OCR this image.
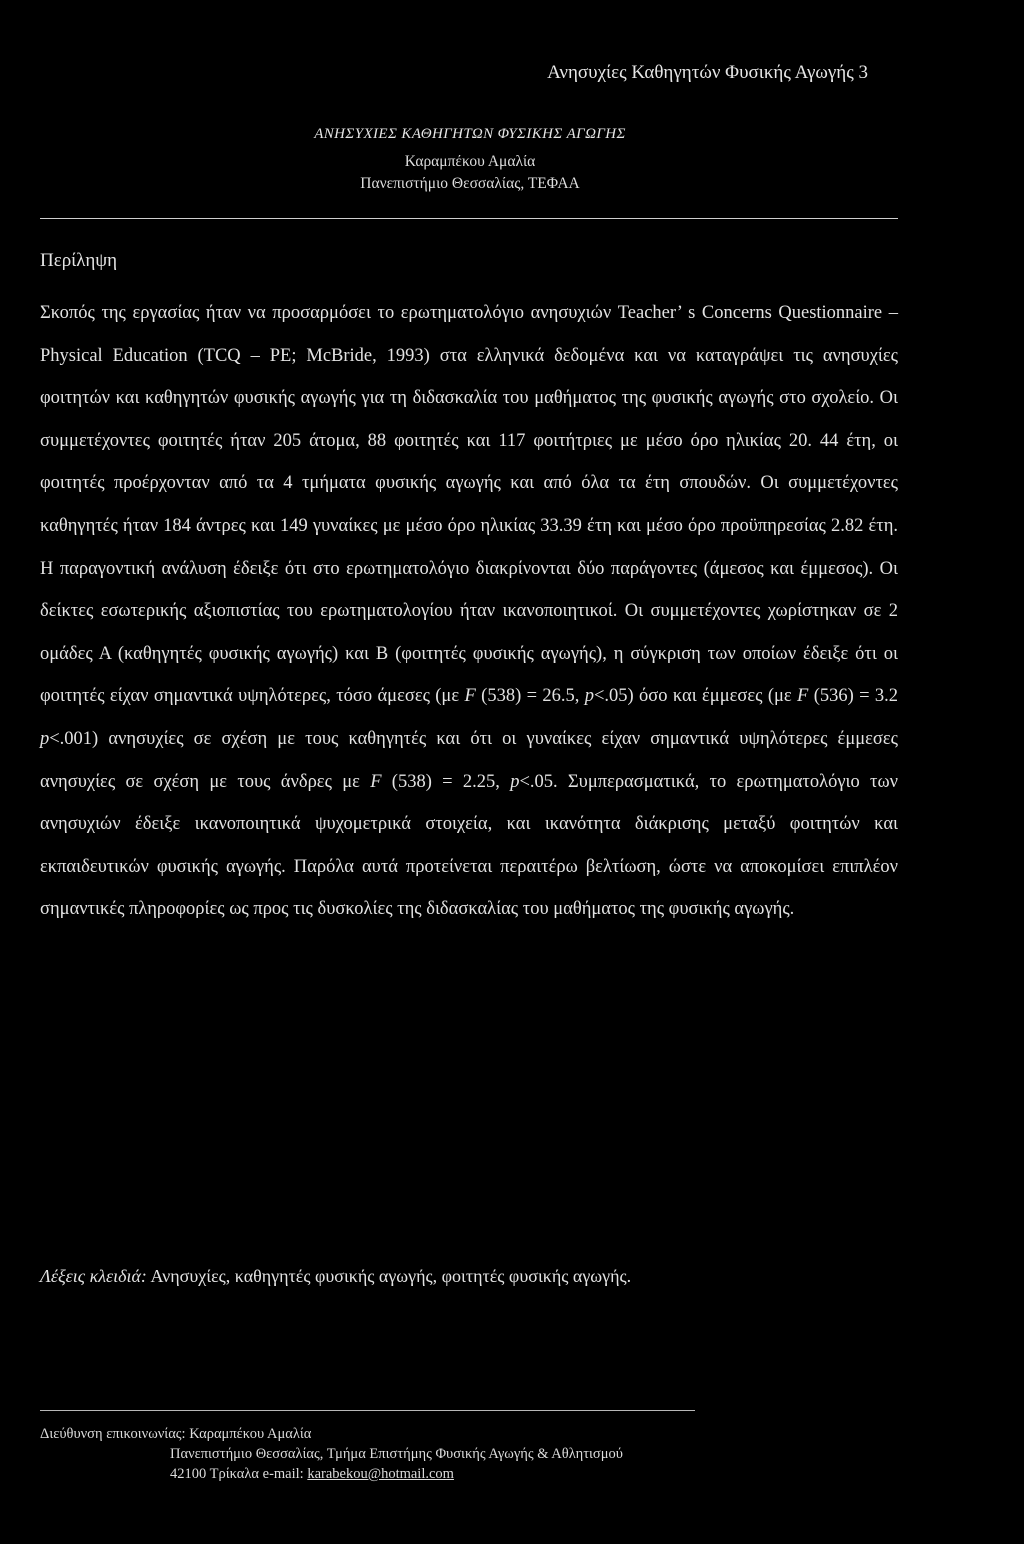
Ανησυχίες Καθηγητών Φυσικής Αγωγής 3
ΑΝΗΣΥΧΙΕΣ ΚΑΘΗΓΗΤΩΝ ΦΥΣΙΚΗΣ ΑΓΩΓΗΣ
Καραμπέκου Αμαλία
Πανεπιστήμιο Θεσσαλίας, ΤΕΦΑΑ
Περίληψη

Σκοπός της εργασίας ήταν να προσαρμόσει το ερωτηματολόγιο ανησυχιών Teacher’ s Concerns Questionnaire – Physical Education (TCQ – PE; McBride, 1993) στα ελληνικά δεδομένα και να καταγράψει τις ανησυχίες φοιτητών και καθηγητών φυσικής αγωγής για τη διδασκαλία του μαθήματος της φυσικής αγωγής στο σχολείο. Οι συμμετέχοντες φοιτητές ήταν 205 άτομα, 88 φοιτητές και 117 φοιτήτριες με μέσο όρο ηλικίας 20. 44 έτη, οι φοιτητές προέρχονταν από τα 4 τμήματα φυσικής αγωγής και από όλα τα έτη σπουδών. Οι συμμετέχοντες καθηγητές ήταν 184 άντρες και 149 γυναίκες με μέσο όρο ηλικίας 33.39 έτη και μέσο όρο προϋπηρεσίας 2.82 έτη. Η παραγοντική ανάλυση έδειξε ότι στο ερωτηματολόγιο διακρίνονται δύο παράγοντες (άμεσος και έμμεσος). Οι δείκτες εσωτερικής αξιοπιστίας του ερωτηματολογίου ήταν ικανοποιητικοί. Οι συμμετέχοντες χωρίστηκαν σε 2 ομάδες Α (καθηγητές φυσικής αγωγής) και Β (φοιτητές φυσικής αγωγής), η σύγκριση των οποίων έδειξε ότι οι φοιτητές είχαν σημαντικά υψηλότερες, τόσο άμεσες (με F (538) = 26.5, p<.05) όσο και έμμεσες (με F (536) = 3.2 p<.001) ανησυχίες σε σχέση με τους καθηγητές και ότι οι γυναίκες είχαν σημαντικά υψηλότερες έμμεσες ανησυχίες σε σχέση με τους άνδρες με F (538) = 2.25, p<.05. Συμπερασματικά, το ερωτηματολόγιο των ανησυχιών έδειξε ικανοποιητικά ψυχομετρικά στοιχεία, και ικανότητα διάκρισης μεταξύ φοιτητών και εκπαιδευτικών φυσικής αγωγής. Παρόλα αυτά προτείνεται περαιτέρω βελτίωση, ώστε να αποκομίσει επιπλέον σημαντικές πληροφορίες ως προς τις δυσκολίες της διδασκαλίας του μαθήματος της φυσικής αγωγής.

Λέξεις κλειδιά: Ανησυχίες, καθηγητές φυσικής αγωγής, φοιτητές φυσικής αγωγής.
Διεύθυνση επικοινωνίας: Καραμπέκου Αμαλία
Πανεπιστήμιο Θεσσαλίας, Τμήμα Επιστήμης Φυσικής Αγωγής & Αθλητισμού
42100 Τρίκαλα e-mail: karabekou@hotmail.com
